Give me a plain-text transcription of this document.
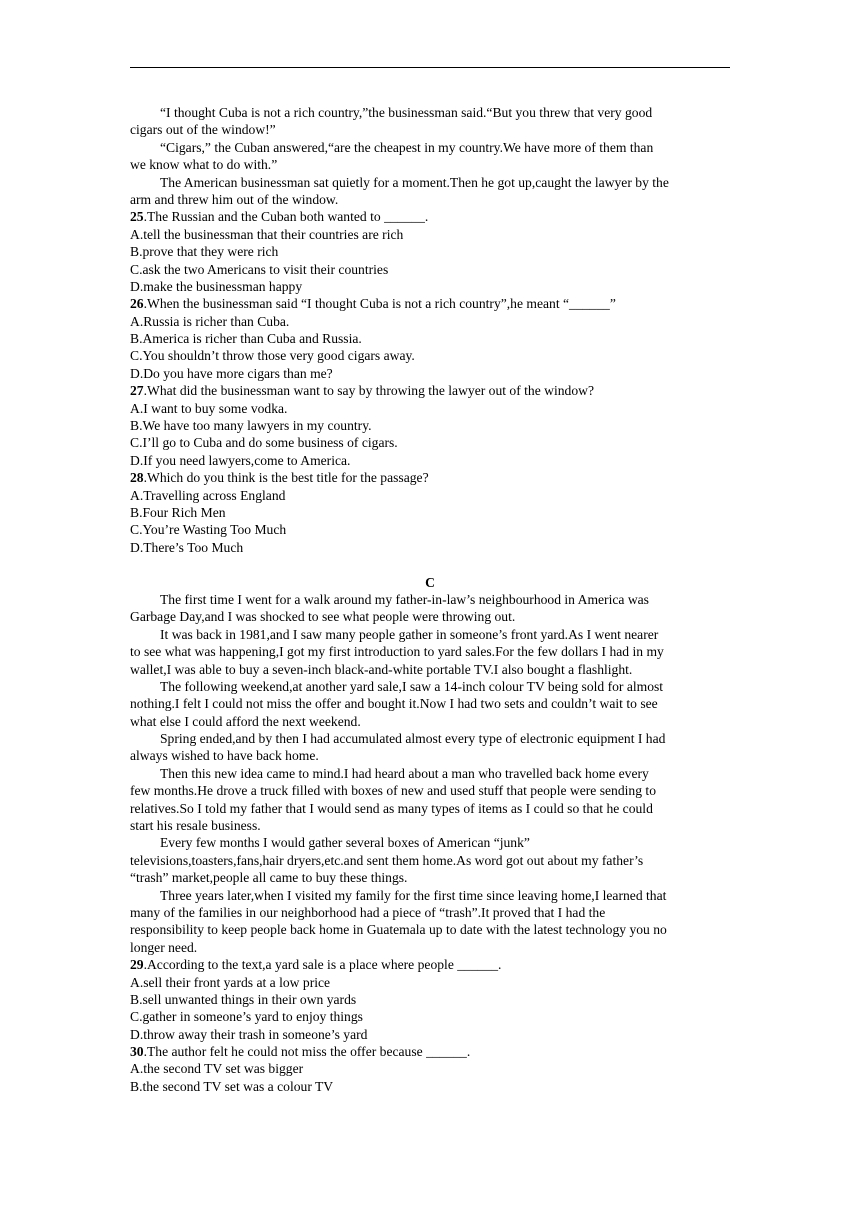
“I thought Cuba is not a rich country,”the businessman said.“But you threw that very good
cigars out of the window!”
“Cigars,” the Cuban answered,“are the cheapest in my country.We have more of them than
we know what to do with.”
The American businessman sat quietly for a moment.Then he got up,caught the lawyer by the
arm and threw him out of the window.
25.The Russian and the Cuban both wanted to ______.
A.tell the businessman that their countries are rich
B.prove that they were rich
C.ask the two Americans to visit their countries
D.make the businessman happy
26.When the businessman said “I thought Cuba is not a rich country”,he meant “______”
A.Russia is richer than Cuba.
B.America is richer than Cuba and Russia.
C.You shouldn’t throw those very good cigars away.
D.Do you have more cigars than me?
27.What did the businessman want to say by throwing the lawyer out of the window?
A.I want to buy some vodka.
B.We have too many lawyers in my country.
C.I’ll go to Cuba and do some business of cigars.
D.If you need lawyers,come to America.
28.Which do you think is the best title for the passage?
A.Travelling across England
B.Four Rich Men
C.You’re Wasting Too Much
D.There’s Too Much
C
The first time I went for a walk around my father-in-law’s neighbourhood in America was
Garbage Day,and I was shocked to see what people were throwing out.
It was back in 1981,and I saw many people gather in someone’s front yard.As I went nearer
to see what was happening,I got my first introduction to yard sales.For the few dollars I had in my
wallet,I was able to buy a seven-inch black-and-white portable TV.I also bought a flashlight.
The following weekend,at another yard sale,I saw a 14-inch colour TV being sold for almost
nothing.I felt I could not miss the offer and bought it.Now I had two sets and couldn’t wait to see
what else I could afford the next weekend.
Spring ended,and by then I had accumulated almost every type of electronic equipment I had
always wished to have back home.
Then this new idea came to mind.I had heard about a man who travelled back home every
few months.He drove a truck filled with boxes of new and used stuff that people were sending to
relatives.So I told my father that I would send as many types of items as I could so that he could
start his resale business.
Every few months I would gather several boxes of American “junk”
televisions,toasters,fans,hair dryers,etc.and sent them home.As word got out about my father’s
“trash” market,people all came to buy these things.
Three years later,when I visited my family for the first time since leaving home,I learned that
many of the families in our neighborhood had a piece of “trash”.It proved that I had the
responsibility to keep people back home in Guatemala up to date with the latest technology you no
longer need.
29.According to the text,a yard sale is a place where people ______.
A.sell their front yards at a low price
B.sell unwanted things in their own yards
C.gather in someone’s yard to enjoy things
D.throw away their trash in someone’s yard
30.The author felt he could not miss the offer because ______.
A.the second TV set was bigger
B.the second TV set was a colour TV
